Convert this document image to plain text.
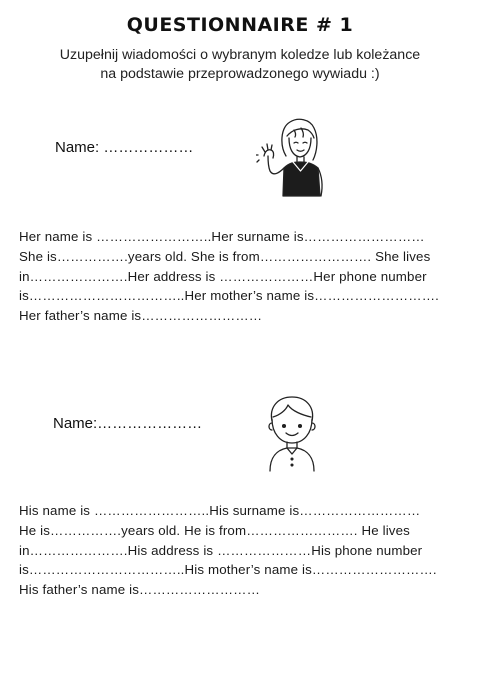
QUESTIONNAIRE # 1
Uzupełnij wiadomości o wybranym koledze lub koleżance
na podstawie przeprowadzonego wywiadu :)
Name: ………………
Her name is ……………………..Her surname is………………………
She is…………….years old. She is from……………………. She lives
in………………….Her address is …………………Her phone number
is……………………………..Her mother’s name is……………………….
Her father’s name is………………………
Name:…………………
His name is ……………………..His surname is………………………
He is…………….years old. He is from……………………. He lives
in………………….His address is …………………His phone number
is……………………………..His mother’s name is……………………….
His father’s name is………………………
